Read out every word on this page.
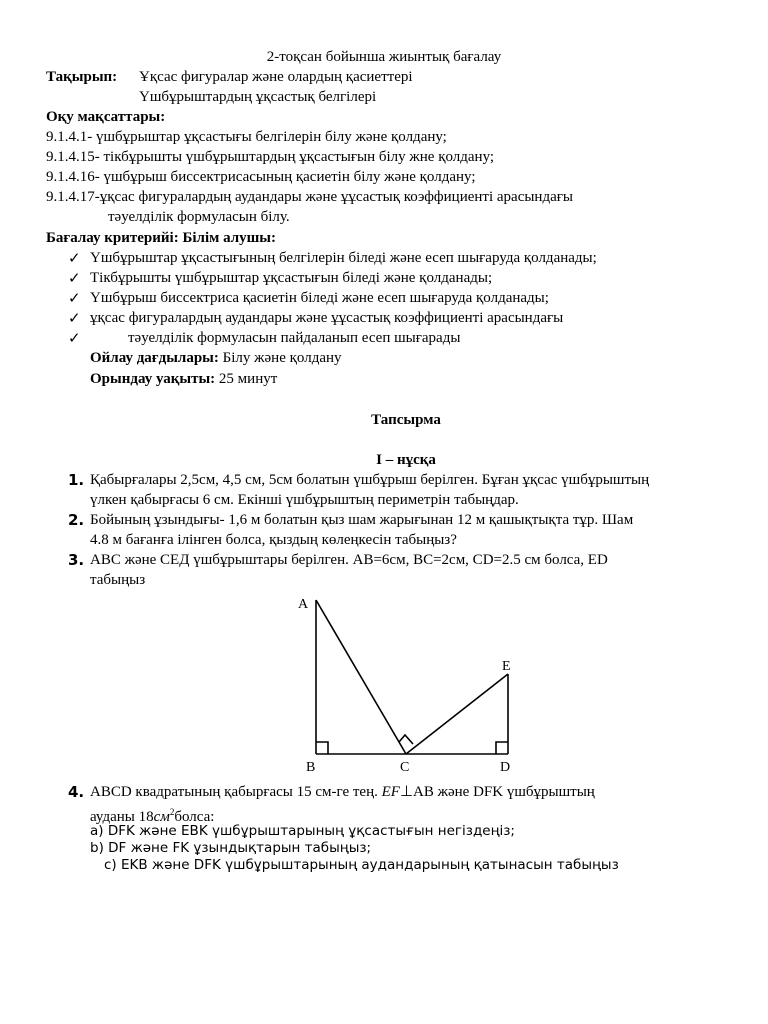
2-тоқсан бойынша жиынтық бағалау
Тақырып: Ұқсас фигуралар және олардың қасиеттері
Үшбұрыштардың ұқсастық белгілері
Оқу мақсаттары:
9.1.4.1- үшбұрыштар ұқсастығы белгілерін білу және қолдану;
9.1.4.15- тікбұрышты үшбұрыштардың ұқсастығын білу жне қолдану;
9.1.4.16- үшбұрыш биссектрисасының қасиетін білу және қолдану;
9.1.4.17-ұқсас фигуралардың аудандары және ұұсастық коэффициенті арасындағы
тәуелділік формуласын білу.
Бағалау критерийі: Білім алушы:
✓ Үшбұрыштар ұқсастығының белгілерін біледі және есеп шығаруда қолданады;
✓ Тікбұрышты үшбұрыштар ұқсастығын біледі және қолданады;
✓ Үшбұрыш биссектриса қасиетін біледі және есеп шығаруда қолданады;
✓ ұқсас фигуралардың аудандары және ұұсастық коэффициенті арасындағы
✓	тәуелділік формуласын пайдаланып есеп шығарады
Ойлау дағдылары: Білу және қолдану
Орындау уақыты: 25 минут
Тапсырма
I – нұсқа
1. Қабырғалары 2,5см, 4,5 см, 5см болатын үшбұрыш берілген. Бұған ұқсас үшбұрыштың
үлкен қабырғасы 6 см. Екінші үшбұрыштың периметрін табыңдар.
2. Бойының ұзындығы- 1,6 м болатын қыз шам жарығынан 12 м қашықтықта тұр. Шам
4.8 м бағанға ілінген болса, қыздың көлеңкесін табыңыз?
3. АВС және СЕД үшбұрыштары берілген. АВ=6см, ВС=2см, CD=2.5 см болса, ED
табыңыз
A
B	C	D
E
4. ABCD квадратының қабырғасы 15 см-ге тең. EF⊥AB және DFK үшбұрыштың
ауданы $18см^2болса$:
a) DFK және EBK үшбұрыштарының ұқсастығын негіздеңіз;
b) DF және FK ұзындықтарын табыңыз;
c) EKB және DFK үшбұрыштарының аудандарының қатынасын табыңыз
